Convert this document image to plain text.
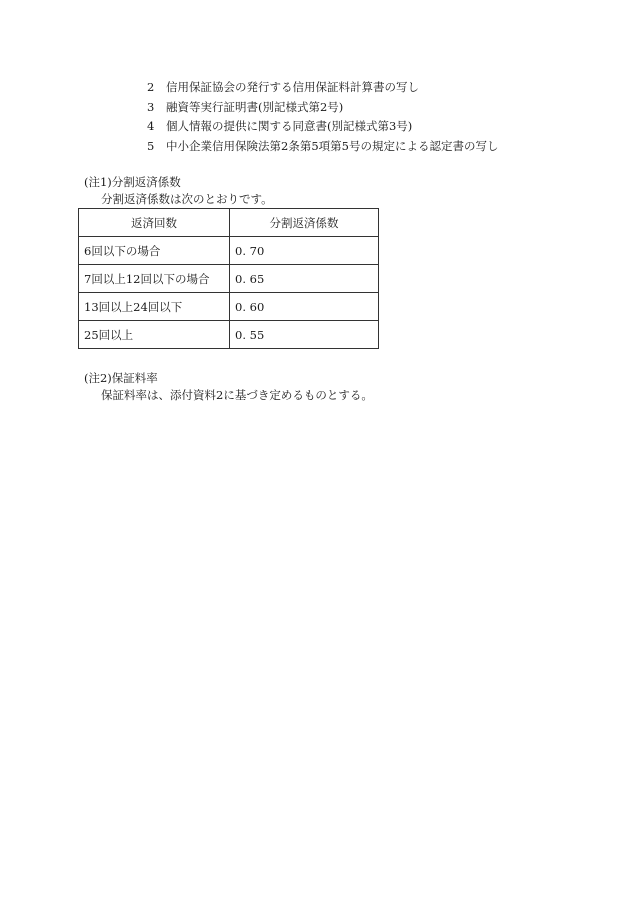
2	信用保証協会の発行する信用保証料計算書の写し
3	融資等実行証明書(別記様式第2号)
4	個人情報の提供に関する同意書(別記様式第3号)
5	中小企業信用保険法第2条第5項第5号の規定による認定書の写し
(注1)分割返済係数
分割返済係数は次のとおりです。
返済回数	分割返済係数
6回以下の場合	0. 70
7回以上12回以下の場合	0. 65
13回以上24回以下	0. 60
25回以上	0. 55
(注2)保証料率
保証料率は、添付資料2に基づき定めるものとする。
